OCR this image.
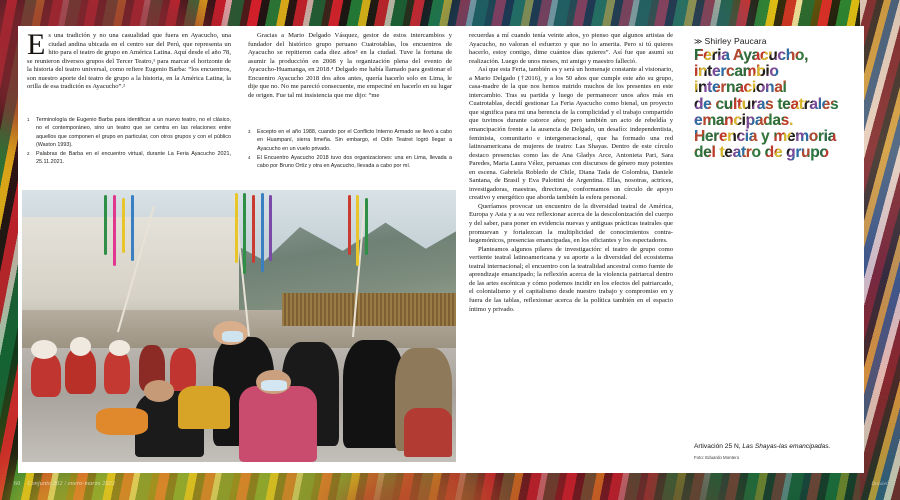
Es una tradición y no una casualidad que fuera en Ayacucho, una ciudad andina ubicada en el centro sur del Perú, que representa un hito para el teatro de grupo en América Latina. Aquí desde el año 78, se reunieron diversos grupos del Tercer Teatro,¹ para marcar el horizonte de la historia del teatro universal, como refiere Eugenio Barba: “los encuentros, son nuestro aporte del teatro de grupo a la historia, en la América Latina, la orilla de esa tradición es Ayacucho”.²

1	Terminología de Eugenio Barba para identificar a un nuevo teatro, no el clásico, no el contemporáneo, sino un teatro que se centra en las relaciones entre aquellos que componen el grupo en particular, con otros grupos y con el público (Waston 1993).
2	Palabras de Barba en el encuentro virtual, durante La Feria Ayacucho 2021, 25.11.2021.

Gracias a Mario Delgado Vásquez, gestor de estos intercambios y fundador del histórico grupo peruano Cuatrotablas, los encuentros de Ayacucho se repitieron cada diez años³ en la ciudad. Tuve la fortuna de asumir la producción en 2008 y la organización plena del evento de Ayacucho-Huamanga, en 2018.⁴ Delgado me había llamado para gestionar el Encuentro Ayacucho 2018 dos años antes, quería hacerlo solo en Lima, le dije que no. No me pareció consecuente, me empeciné en hacerlo en su lugar de origen. Fue tal mi insistencia que me dijo: “me

3	Excepto en el año 1988, cuando por el Conflicto Interno Armado se llevó a cabo en Huampaní, sierra limeña. Sin embargo, el Odín Teatret logró llegar a Ayacucho en un vuelo privado.
4	El Encuentro Ayacucho 2018 tuvo dos organizaciones: una en Lima, llevada a cabo por Bruno Ortíz y otra en Ayacucho, llevada a cabo por mí.

recuerdas a mí cuando tenía veinte años, yo pienso que algunos artistas de Ayacucho, no valoran el esfuerzo y que no lo amerita. Pero si tú quieres hacerlo, estoy contigo, dime cuántos días quieres”. Así fue que asumí su realización. Luego de unos meses, mi amigo y maestro falleció.

Así que esta Feria, también es y será un homenaje constante al visionario, a Mario Delgado (†2016), y a los 50 años que cumple este año su grupo, casa-madre de la que nos hemos nutrido muchos de los presentes en este intercambio. Tras su partida y luego de permanecer unos años más en Cuatrotablas, decidí gestionar La Feria Ayacucho como bienal, un proyecto que significa para mi una berencia de la complicidad y el trabajo compartido que tuvimos durante catorce años; pero también un acto de rebeldía y emancipación frente a la ausencia de Delgado, un desafío: independentista, feminista, comunitario e intergeneracional, que ha formado una red latinoamericana de mujeres de teatro: Las Shayas. Dentro de este círculo destaco presencias como las de Ana Gladys Arce, Antonieta Pari, Sara Paredes, Maria Laura Vélez, peruanas con discursos de género muy potentes en escena. Gabriela Robledo de Chile, Diana Tada de Colombia, Daniele Santana, de Brasil y Eva Palottini de Argentina. Ellas, nosotras, actrices, investigadoras, maestras, directoras, conformamos un círculo de apoyo creativo y energético que aborda también la esfera personal.

Queríamos provocar un encuentro de la diversidad teatral de América, Europa y Asia y a su vez reflexionar acerca de la descolonización del cuerpo y del saber, para poner en evidencia nuevas y antiguas prácticas teatrales que promuevan y fortalezcan la multiplicidad de conocimientos contra-hegemónicos, presencias emancipadas, en los oficiantes y los espectadores.

Planteamos algunos pilares de investigación: el teatro de grupo como vertiente teatral latinoamericana y su aporte a la diversidad del ecosistema teatral internacional; el encuentro con la teatralidad ancestral como fuente de aprendizaje emancipado; la reflexión acerca de la violencia patriarcal dentro de las artes escénicas y cómo podemos incidir en los efectos del patriarcado, el colonialismo y el capitalismo desde nuestro trabajo y compromiso en y fuera de las tablas, reflexionar acerca de la política también en el espacio íntimo y privado.

≫ Shirley Paucara
Feria Ayacucho,
intercambio
internacional
de culturas teatrales
emancipadas.
Herencia y memoria
del teatro de grupo
Artivación 25 N, Las Shayas-las emancipadas.
Foto: Eduardo Montero
60 Conjunto 202 / enero-marzo 2022	Dossier
